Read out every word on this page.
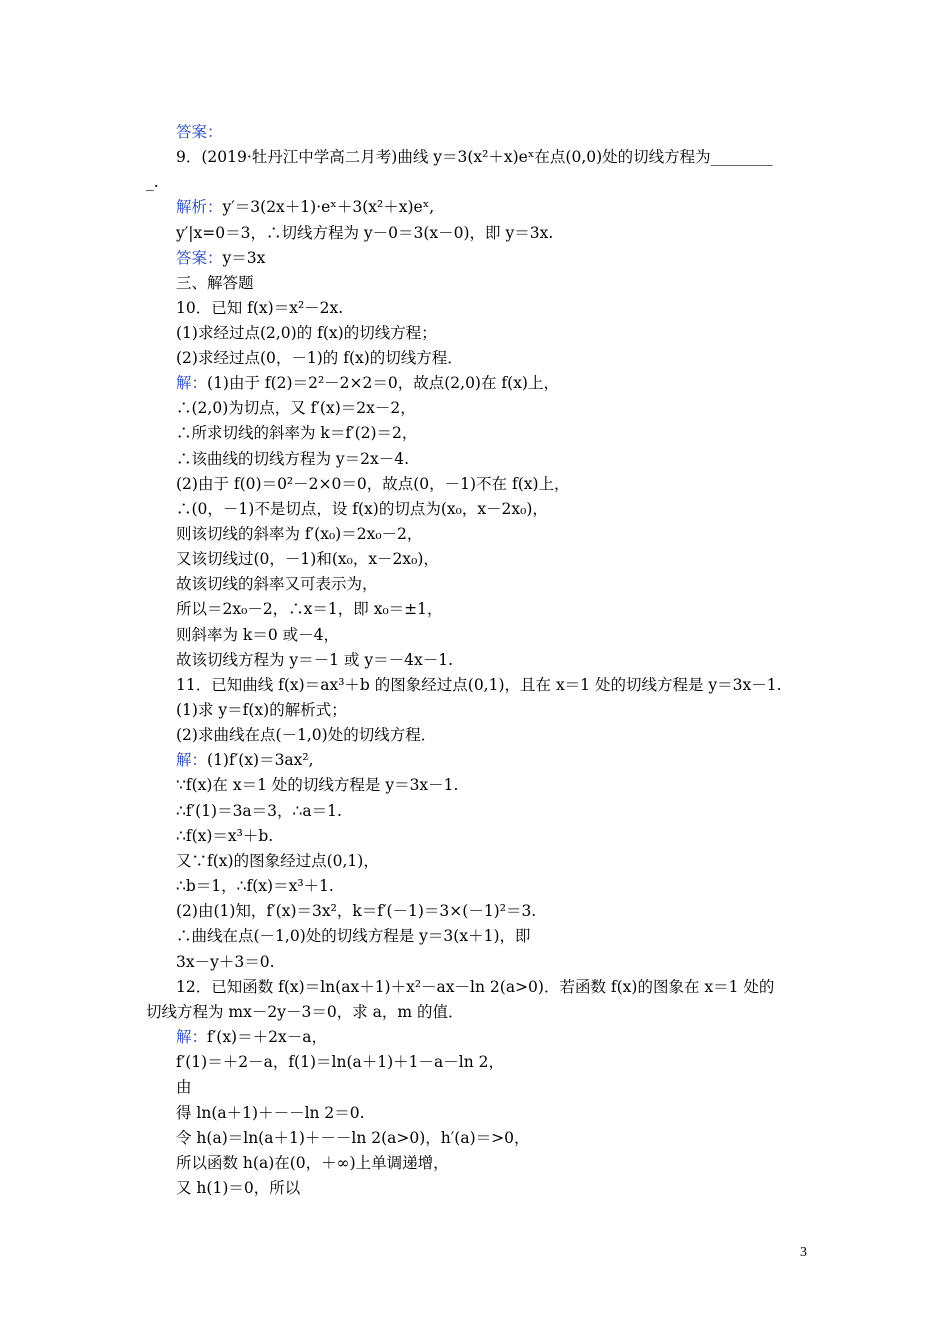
答案：
9．(2019·牡丹江中学高二月考)曲线 y＝3(x²＋x)eˣ在点(0,0)处的切线方程为________
_.
解析：y′＝3(2x＋1)·eˣ＋3(x²＋x)eˣ,
y′|x=0＝3，∴切线方程为 y－0＝3(x－0)，即 y＝3x.
答案：y＝3x
三、解答题
10．已知 f(x)＝x²－2x.
(1)求经过点(2,0)的 f(x)的切线方程；
(2)求经过点(0，－1)的 f(x)的切线方程．
解：(1)由于 f(2)＝2²－2×2＝0，故点(2,0)在 f(x)上，
∴(2,0)为切点，又 f′(x)＝2x－2，
∴所求切线的斜率为 k＝f′(2)＝2，
∴该曲线的切线方程为 y＝2x－4.
(2)由于 f(0)＝0²－2×0＝0，故点(0，－1)不在 f(x)上，
∴(0，－1)不是切点，设 f(x)的切点为(x₀，x－2x₀)，
则该切线的斜率为 f′(x₀)＝2x₀－2，
又该切线过(0，－1)和(x₀，x－2x₀)，
故该切线的斜率又可表示为，
所以＝2x₀－2，∴x＝1，即 x₀＝±1，
则斜率为 k＝0 或－4，
故该切线方程为 y＝－1 或 y＝－4x－1.
11．已知曲线 f(x)＝ax³＋b 的图象经过点(0,1)，且在 x＝1 处的切线方程是 y＝3x－1.
(1)求 y＝f(x)的解析式；
(2)求曲线在点(－1,0)处的切线方程．
解：(1)f′(x)＝3ax²,
∵f(x)在 x＝1 处的切线方程是 y＝3x－1.
∴f′(1)＝3a＝3，∴a＝1.
∴f(x)＝x³＋b.
又∵f(x)的图象经过点(0,1)，
∴b＝1，∴f(x)＝x³＋1.
(2)由(1)知，f′(x)＝3x²，k＝f′(－1)＝3×(－1)²＝3.
∴曲线在点(－1,0)处的切线方程是 y＝3(x＋1)，即
3x－y＋3＝0.
12．已知函数 f(x)＝ln(ax＋1)＋x²－ax－ln 2(a>0)．若函数 f(x)的图象在 x＝1 处的
切线方程为 mx－2y－3＝0，求 a，m 的值．
解：f′(x)＝＋2x－a，
f′(1)＝＋2－a，f(1)＝ln(a＋1)＋1－a－ln 2，
由
得 ln(a＋1)＋－－ln 2＝0.
令 h(a)＝ln(a＋1)＋－－ln 2(a>0)，h′(a)＝>0，
所以函数 h(a)在(0，＋∞)上单调递增，
又 h(1)＝0，所以
3
